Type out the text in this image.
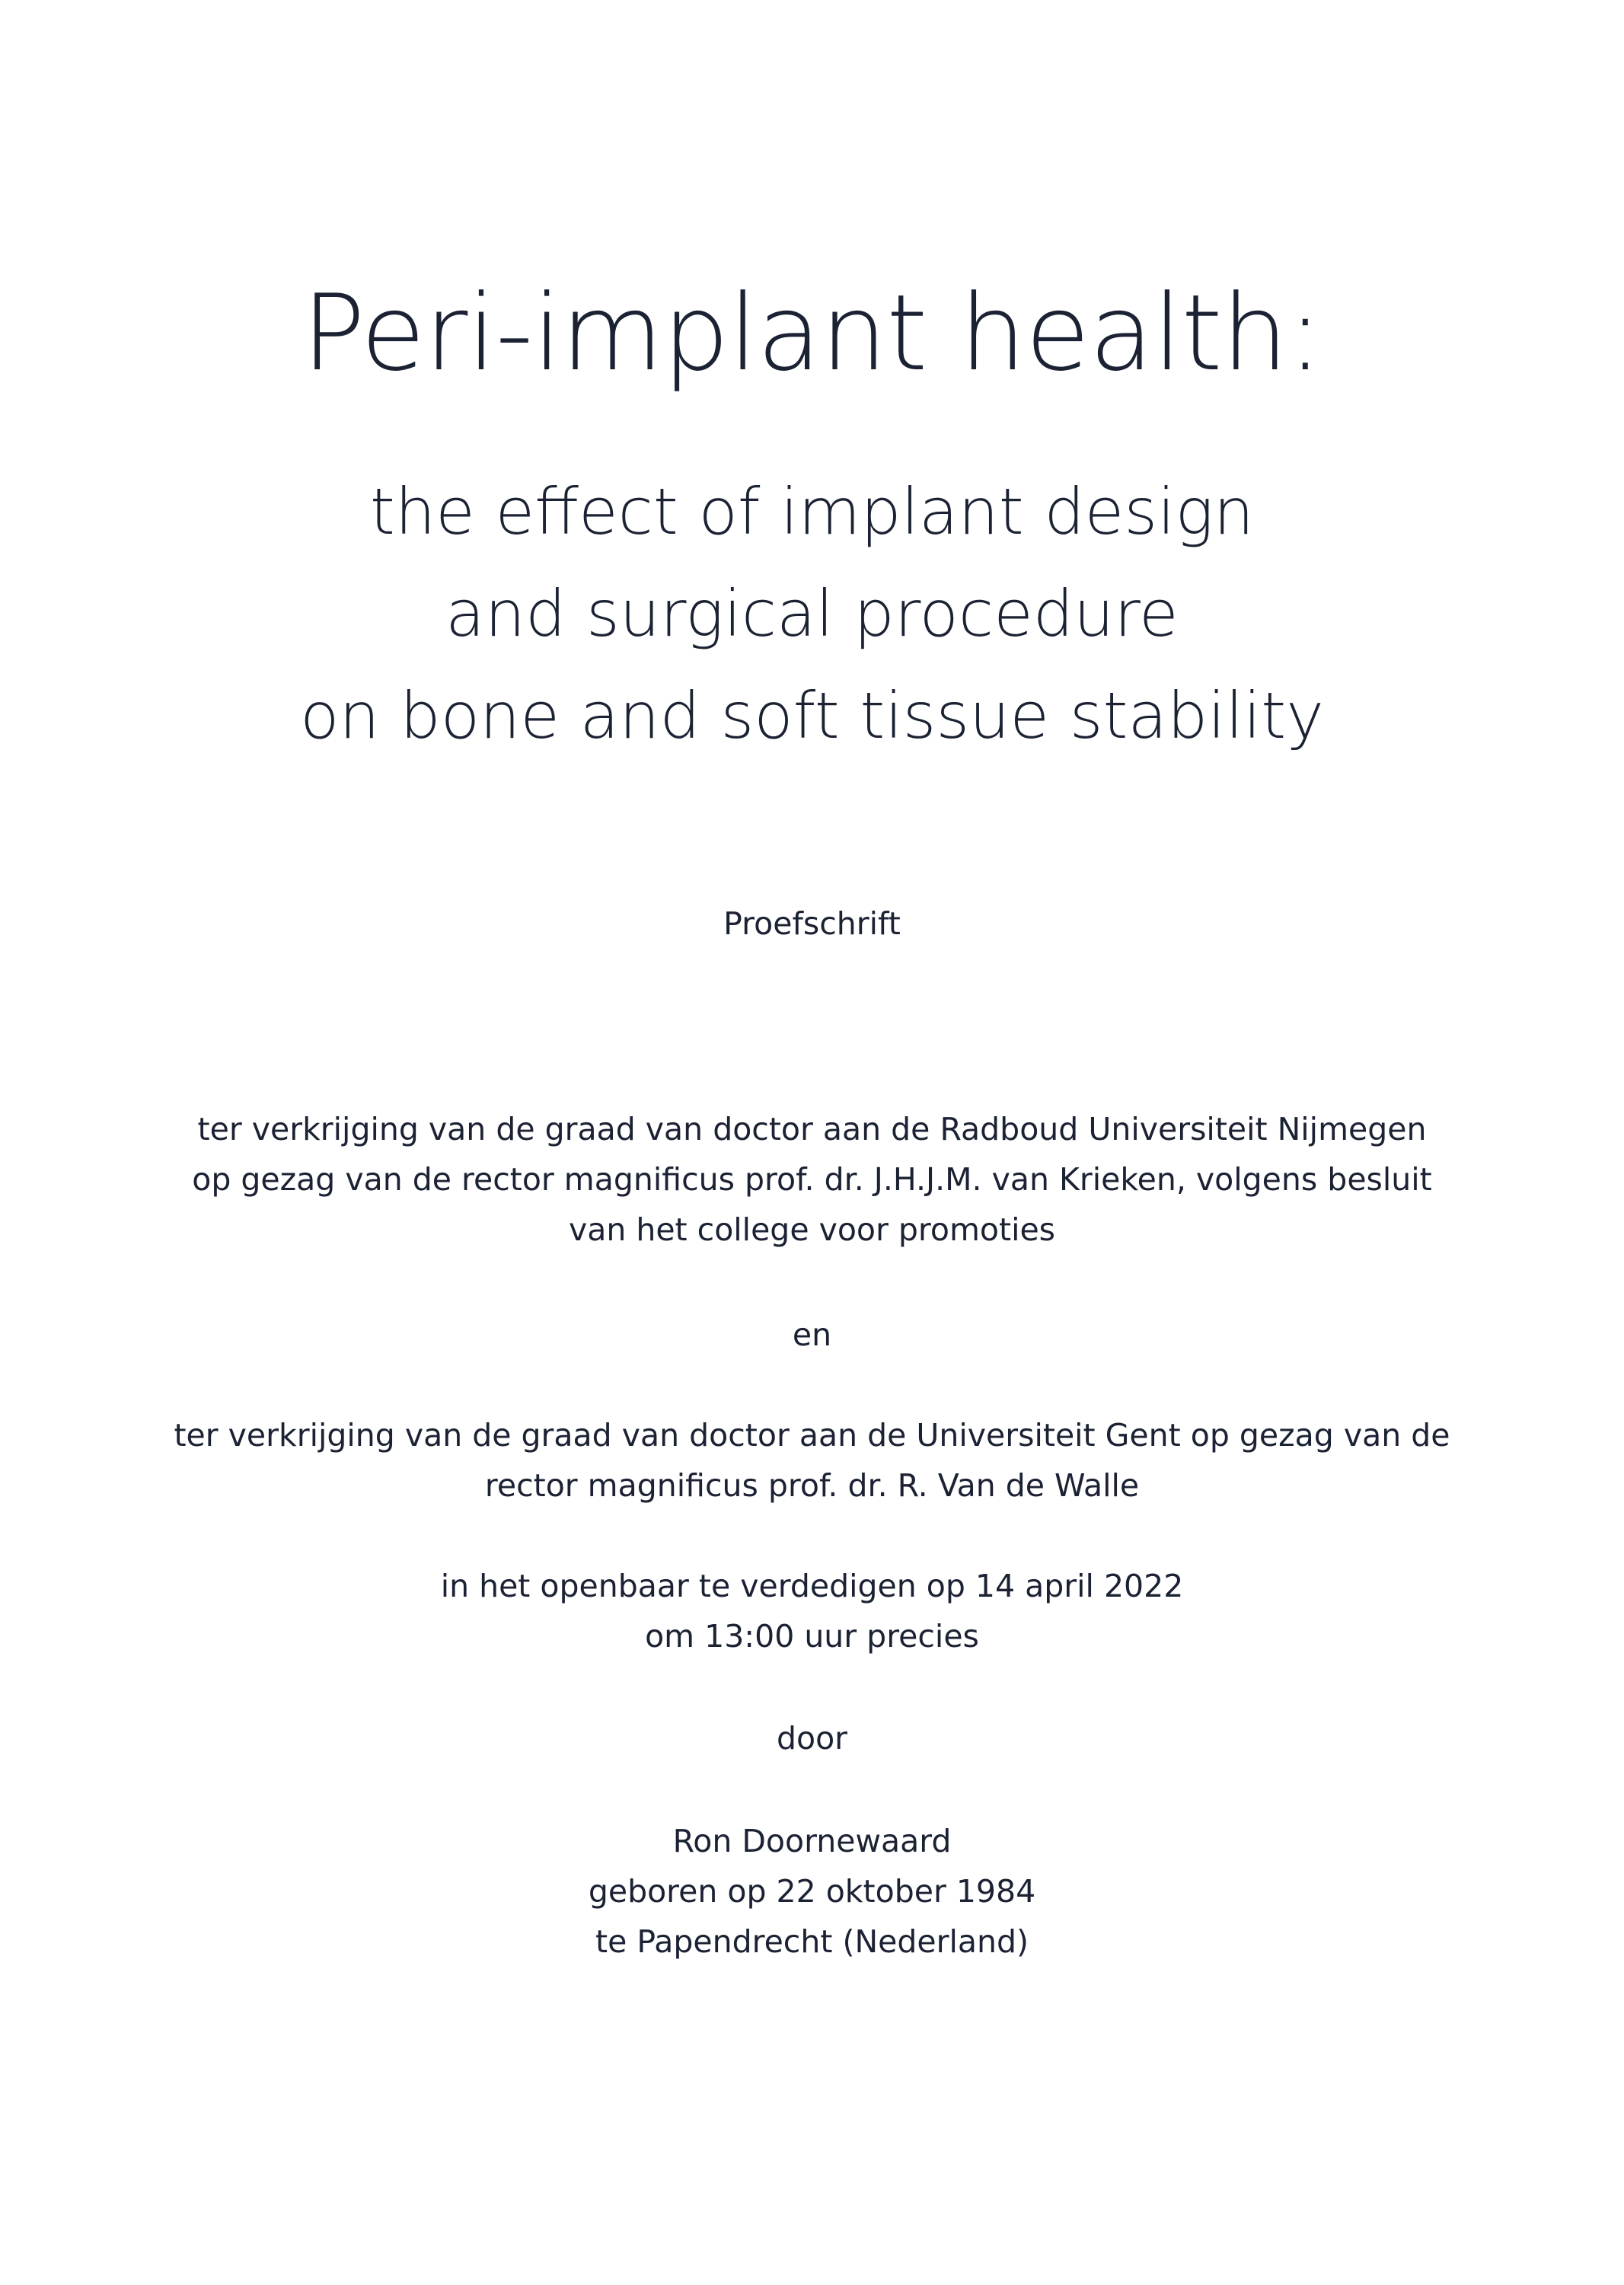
Peri-implant health:
the effect of implant design
and surgical procedure
on bone and soft tissue stability
Proefschrift
ter verkrijging van de graad van doctor aan de Radboud Universiteit Nijmegen
op gezag van de rector magnificus prof. dr. J.H.J.M. van Krieken, volgens besluit
van het college voor promoties
en
ter verkrijging van de graad van doctor aan de Universiteit Gent op gezag van de
rector magnificus prof. dr. R. Van de Walle
in het openbaar te verdedigen op 14 april 2022
om 13:00 uur precies
door
Ron Doornewaard
geboren op 22 oktober 1984
te Papendrecht (Nederland)
